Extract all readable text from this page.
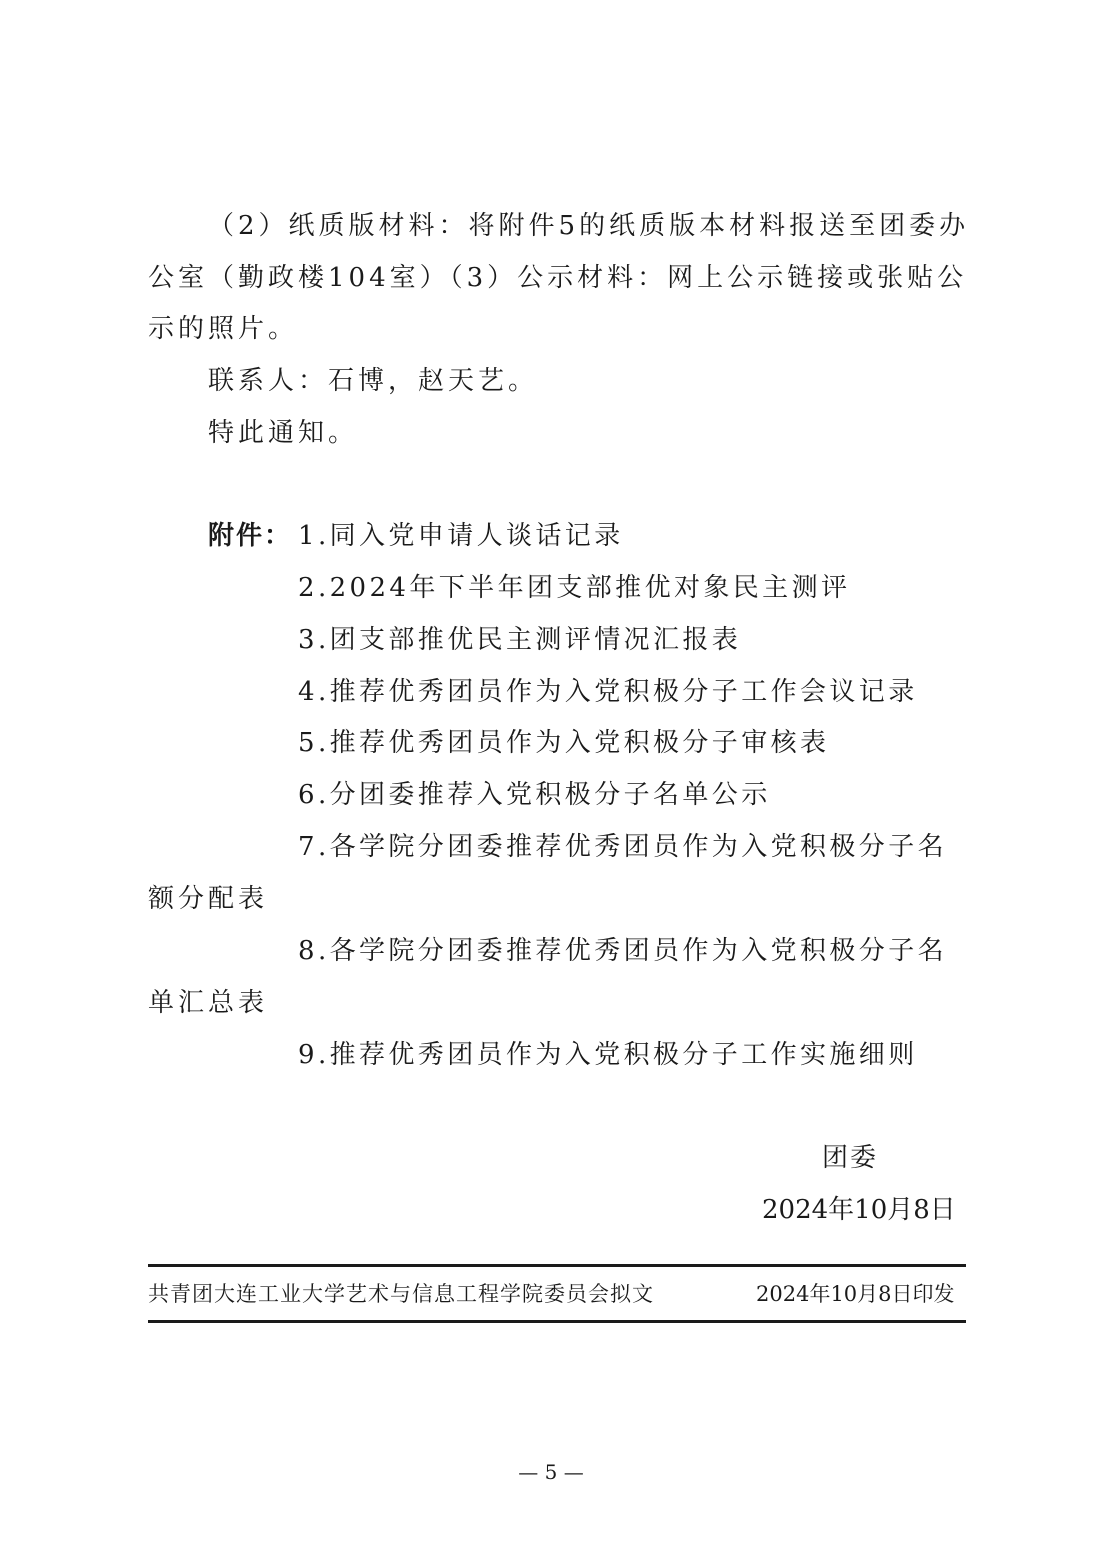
（2）纸质版材料：将附件5的纸质版本材料报送至团委办
公室（勤政楼104室）（3）公示材料：网上公示链接或张贴公
示的照片。
联系人：石博，赵天艺。
特此通知。
附件： 1.同入党申请人谈话记录
2.2024年下半年团支部推优对象民主测评
3.团支部推优民主测评情况汇报表
4.推荐优秀团员作为入党积极分子工作会议记录
5.推荐优秀团员作为入党积极分子审核表
6.分团委推荐入党积极分子名单公示
7.各学院分团委推荐优秀团员作为入党积极分子名
额分配表
8.各学院分团委推荐优秀团员作为入党积极分子名
单汇总表
9.推荐优秀团员作为入党积极分子工作实施细则
团委
2024年10月8日
共青团大连工业大学艺术与信息工程学院委员会拟文	2024年10月8日印发
— 5 —
